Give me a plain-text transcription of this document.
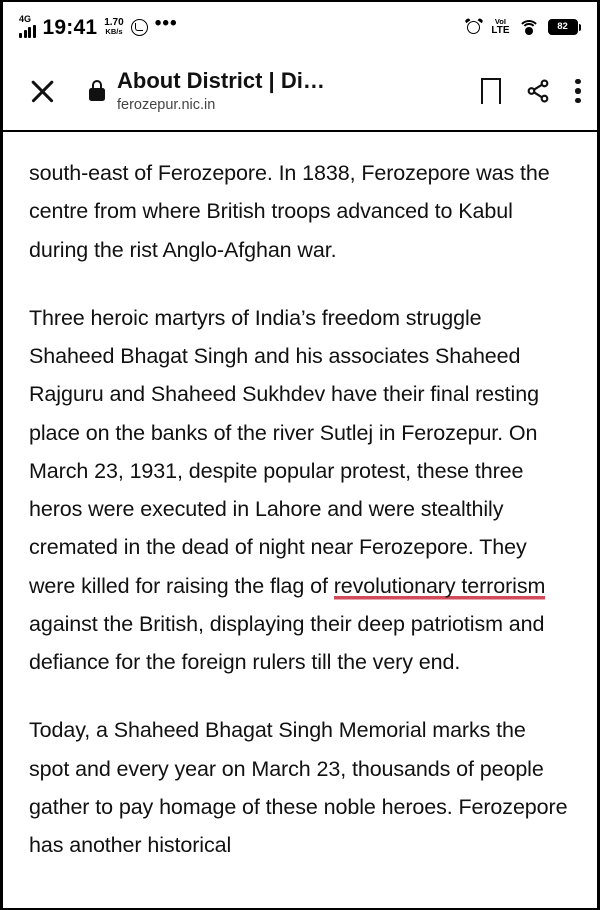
4G 19:41 1.70
KB/s •••	VoI
LTE	82
About District | Di…
ferozepur.nic.in

south-east of Ferozepore. In 1838, Ferozepore was the centre from where British troops advanced to Kabul during the rist Anglo-Afghan war.

Three heroic martyrs of India’s freedom struggle Shaheed Bhagat Singh and his associates Shaheed Rajguru and Shaheed Sukhdev have their final resting place on the banks of the river Sutlej in Ferozepur. On March 23, 1931, despite popular protest, these three heros were executed in Lahore and were stealthily cremated in the dead of night near Ferozepore. They were killed for raising the flag of revolutionary terrorism against the British, displaying their deep patriotism and defiance for the foreign rulers till the very end.

Today, a Shaheed Bhagat Singh Memorial marks the spot and every year on March 23, thousands of people gather to pay homage of these noble heroes. Ferozepore has another historical
